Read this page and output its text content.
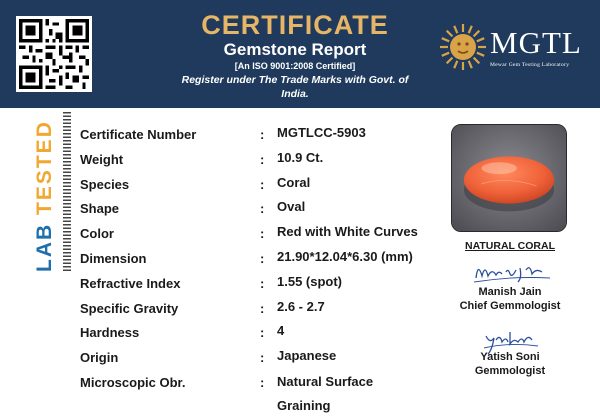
CERTIFICATE
Gemstone Report
[An ISO 9001:2008 Certified]
Register under The Trade Marks with Govt. of
India.
MGTL
Mewar Gem Testing Laboratory
LAB TESTED	Certificate Number	: MGTLCC-5903
Weight	: 10.9 Ct.
Species	: Coral
Shape	: Oval
Color	: Red with White Curves
Dimension	: 21.90*12.04*6.30 (mm)
Refractive Index	: 1.55 (spot)
Specific Gravity	: 2.6 - 2.7
Hardness	: 4
Origin	: Japanese
Microscopic Obr.	: Natural Surface Graining
NATURAL CORAL
Manish Jain
Chief Gemmologist
Yatish Soni
Gemmologist
